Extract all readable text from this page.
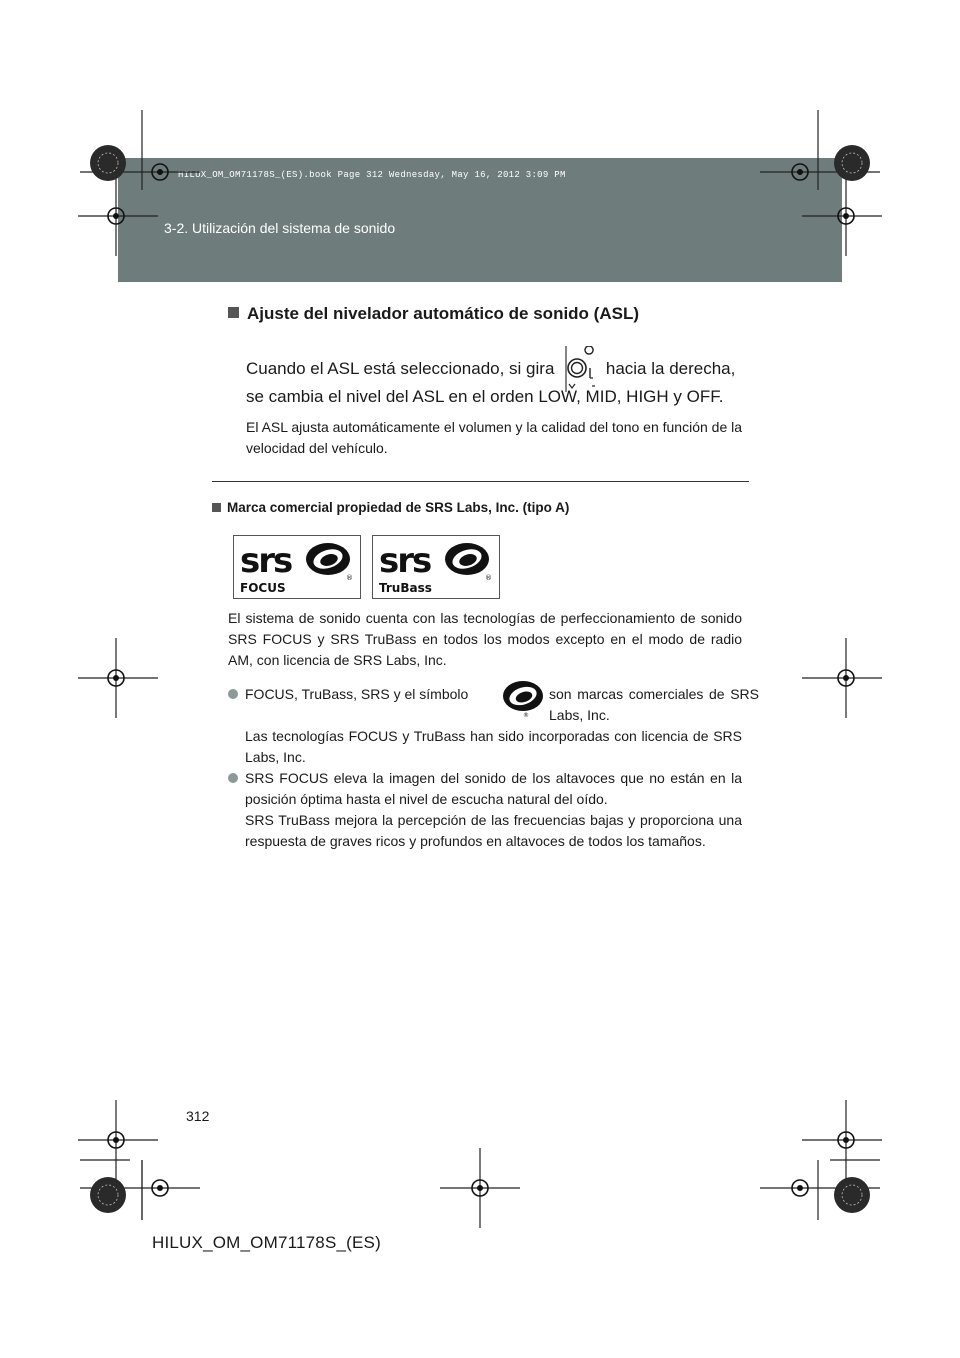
3-2. Utilización del sistema de sonido
HILUX_OM_OM71178S_(ES).book Page 312 Wednesday, May 16, 2012 3:09 PM
Ajuste del nivelador automático de sonido (ASL)
Cuando el ASL está seleccionado, si gira	hacia la derecha,
se cambia el nivel del ASL en el orden LOW, MID, HIGH y OFF.
El ASL ajusta automáticamente el volumen y la calidad del tono en función de la velocidad del vehículo.
Marca comercial propiedad de SRS Labs, Inc. (tipo A)
srs	®
FOCUS
srs	®
TruBass
El sistema de sonido cuenta con las tecnologías de perfeccionamiento de sonido SRS FOCUS y SRS TruBass en todos los modos excepto en el modo de radio AM, con licencia de SRS Labs, Inc.
FOCUS, TruBass, SRS y el símbolo
®
son marcas comerciales de SRS Labs, Inc.
Las tecnologías FOCUS y TruBass han sido incorporadas con licencia de SRS Labs, Inc.
SRS FOCUS eleva la imagen del sonido de los altavoces que no están en la posición óptima hasta el nivel de escucha natural del oído.
SRS TruBass mejora la percepción de las frecuencias bajas y proporciona una respuesta de graves ricos y profundos en altavoces de todos los tamaños.
312
HILUX_OM_OM71178S_(ES)
